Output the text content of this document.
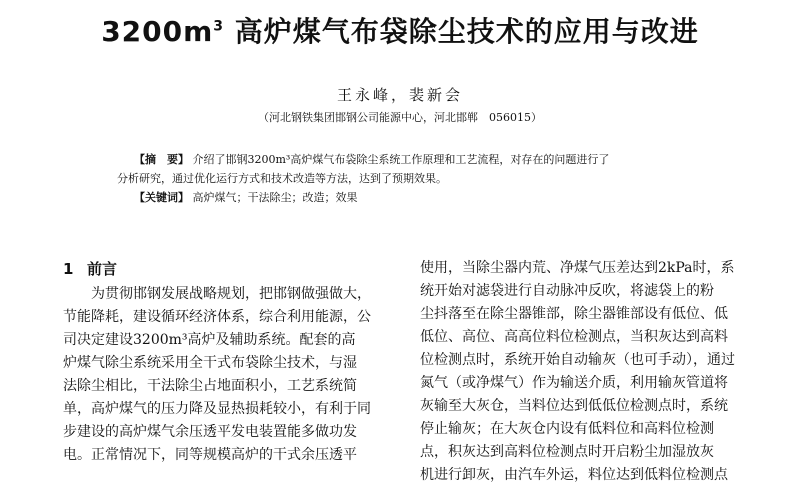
$3200m^3$ 高炉煤气布袋除尘技术的应用与改进
王永峰，裴新会
（河北钢铁集团邯钢公司能源中心，河北邯郸　056015）
【摘　要】 介绍了邯钢3200m³高炉煤气布袋除尘系统工作原理和工艺流程，对存在的问题进行了
分析研究，通过优化运行方式和技术改造等方法，达到了预期效果。
【关键词】 高炉煤气；干法除尘；改造；效果
1 前言
为贯彻邯钢发展战略规划，把邯钢做强做大，
节能降耗，建设循环经济体系，综合利用能源，公
司决定建设3200m³高炉及辅助系统。配套的高
炉煤气除尘系统采用全干式布袋除尘技术，与湿
法除尘相比，干法除尘占地面积小，工艺系统简
单，高炉煤气的压力降及显热损耗较小，有利于同
步建设的高炉煤气余压透平发电装置能多做功发
电。正常情况下，同等规模高炉的干式余压透平
使用，当除尘器内荒、净煤气压差达到2kPa时，系
统开始对滤袋进行自动脉冲反吹，将滤袋上的粉
尘抖落至在除尘器锥部，除尘器锥部设有低位、低
低位、高位、高高位料位检测点，当积灰达到高料
位检测点时，系统开始自动输灰（也可手动），通过
氮气（或净煤气）作为输送介质，利用输灰管道将
灰输至大灰仓，当料位达到低低位检测点时，系统
停止输灰；在大灰仓内设有低料位和高料位检测
点，积灰达到高料位检测点时开启粉尘加湿放灰
机进行卸灰，由汽车外运，料位达到低料位检测点
